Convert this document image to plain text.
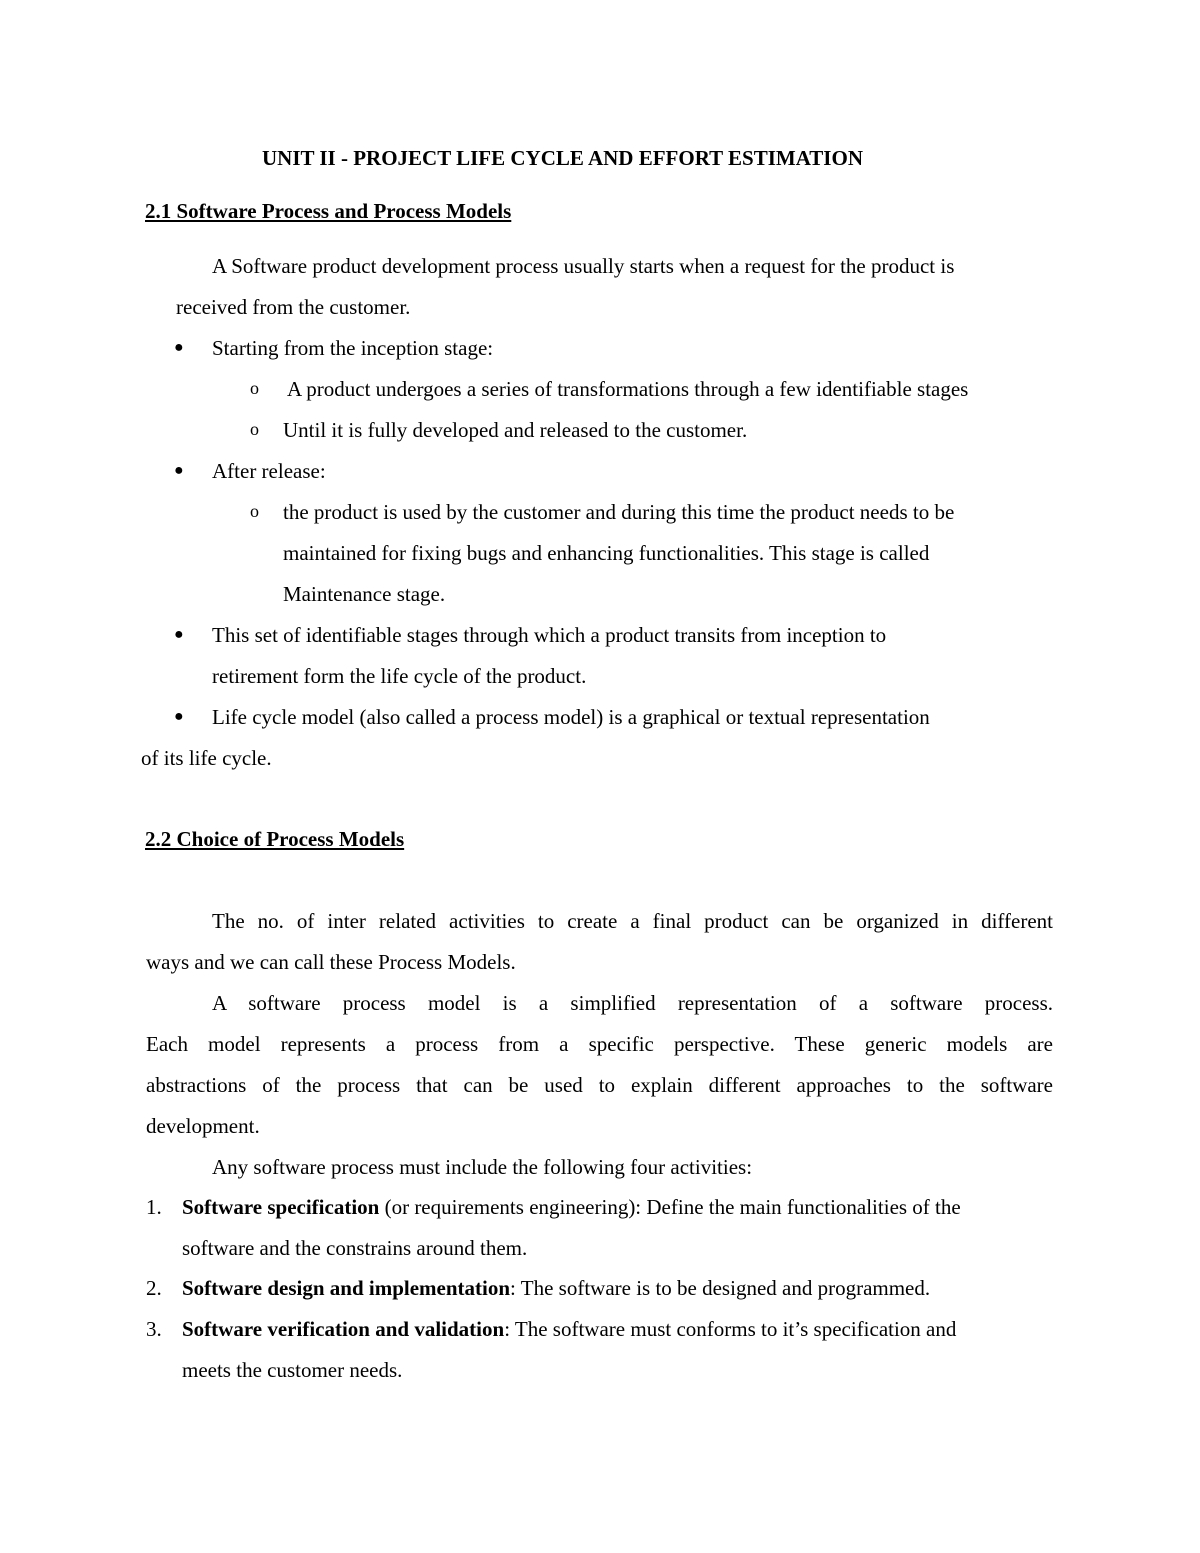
UNIT II - PROJECT LIFE CYCLE AND EFFORT ESTIMATION
2.1 Software Process and Process Models
A Software product development process usually starts when a request for the product is
received from the customer.
● Starting from the inception stage:
o A product undergoes a series of transformations through a few identifiable stages
o Until it is fully developed and released to the customer.
● After release:
o the product is used by the customer and during this time the product needs to be
maintained for fixing bugs and enhancing functionalities. This stage is called
Maintenance stage.
● This set of identifiable stages through which a product transits from inception to
retirement form the life cycle of the product.
● Life cycle model (also called a process model) is a graphical or textual representation
of its life cycle.
2.2 Choice of Process Models
The no. of inter related activities to create a final product can be organized in different
ways and we can call these Process Models.
A software process model is a simplified representation of a software process.
Each model represents a process from a specific perspective. These generic models are
abstractions of the process that can be used to explain different approaches to the software
development.
Any software process must include the following four activities:
1. Software specification (or requirements engineering): Define the main functionalities of the
software and the constrains around them.
2. Software design and implementation: The software is to be designed and programmed.
3. Software verification and validation: The software must conforms to it’s specification and
meets the customer needs.
